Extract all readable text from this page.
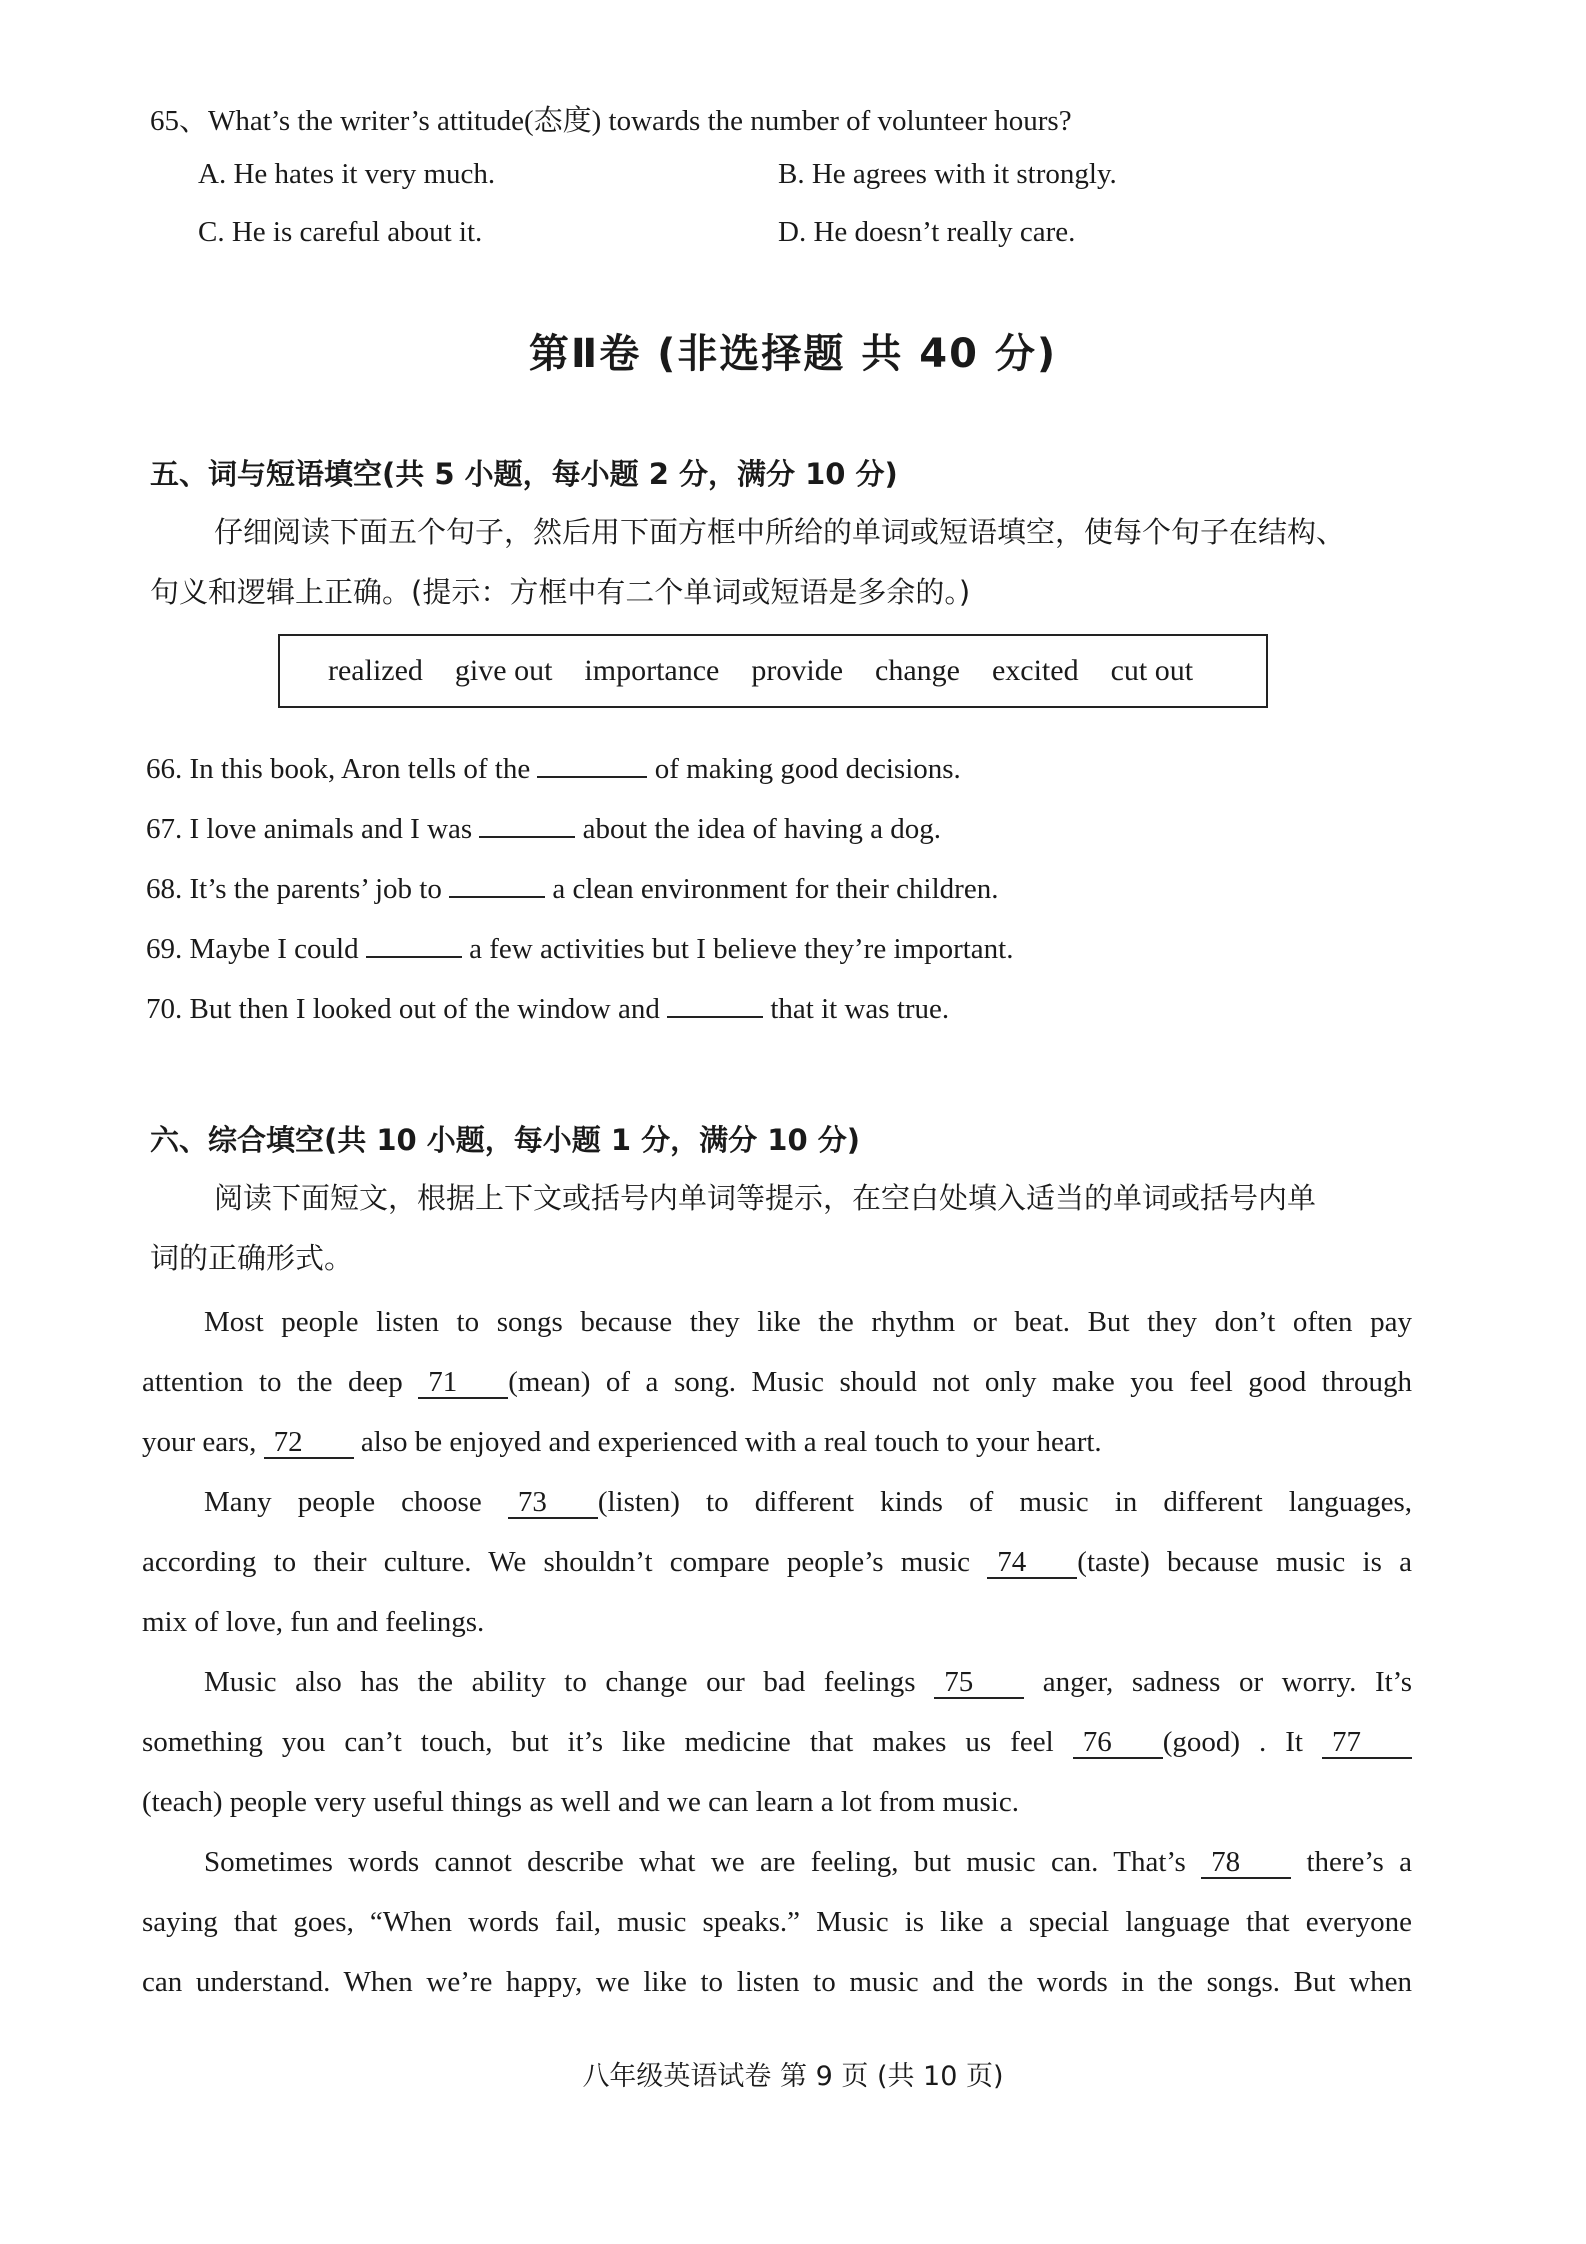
65、What’s the writer’s attitude(态度) towards the number of volunteer hours?
A. He hates it very much.	B. He agrees with it strongly.
C. He is careful about it.	D. He doesn’t really care.
第Ⅱ卷 (非选择题 共 40 分)
五、词与短语填空(共 5 小题，每小题 2 分，满分 10 分)
仔细阅读下面五个句子，然后用下面方框中所给的单词或短语填空，使每个句子在结构、
句义和逻辑上正确。(提示：方框中有二个单词或短语是多余的。)
realized give out importance provide change excited cut out
66. In this book, Aron tells of the	of making good decisions.
67. I love animals and I was	about the idea of having a dog.
68. It’s the parents’ job to	a clean environment for their children.
69. Maybe I could	a few activities but I believe they’re important.
70. But then I looked out of the window and	that it was true.
六、综合填空(共 10 小题，每小题 1 分，满分 10 分)
阅读下面短文，根据上下文或括号内单词等提示，在空白处填入适当的单词或括号内单
词的正确形式。
Most people listen to songs because they like the rhythm or beat. But they don’t often pay
attention to the deep 71 (mean) of a song. Music should not only make you feel good through
your ears, 72 also be enjoyed and experienced with a real touch to your heart.
Many people choose 73 (listen) to different kinds of music in different languages,
according to their culture. We shouldn’t compare people’s music 74 (taste) because music is a
mix of love, fun and feelings.
Music also has the ability to change our bad feelings 75 anger, sadness or worry. It’s
something you can’t touch, but it’s like medicine that makes us feel 76 (good) . It 77
(teach) people very useful things as well and we can learn a lot from music.
Sometimes words cannot describe what we are feeling, but music can. That’s 78 there’s a
saying that goes, “When words fail, music speaks.” Music is like a special language that everyone
can understand. When we’re happy, we like to listen to music and the words in the songs. But when
八年级英语试卷 第 9 页 (共 10 页)
